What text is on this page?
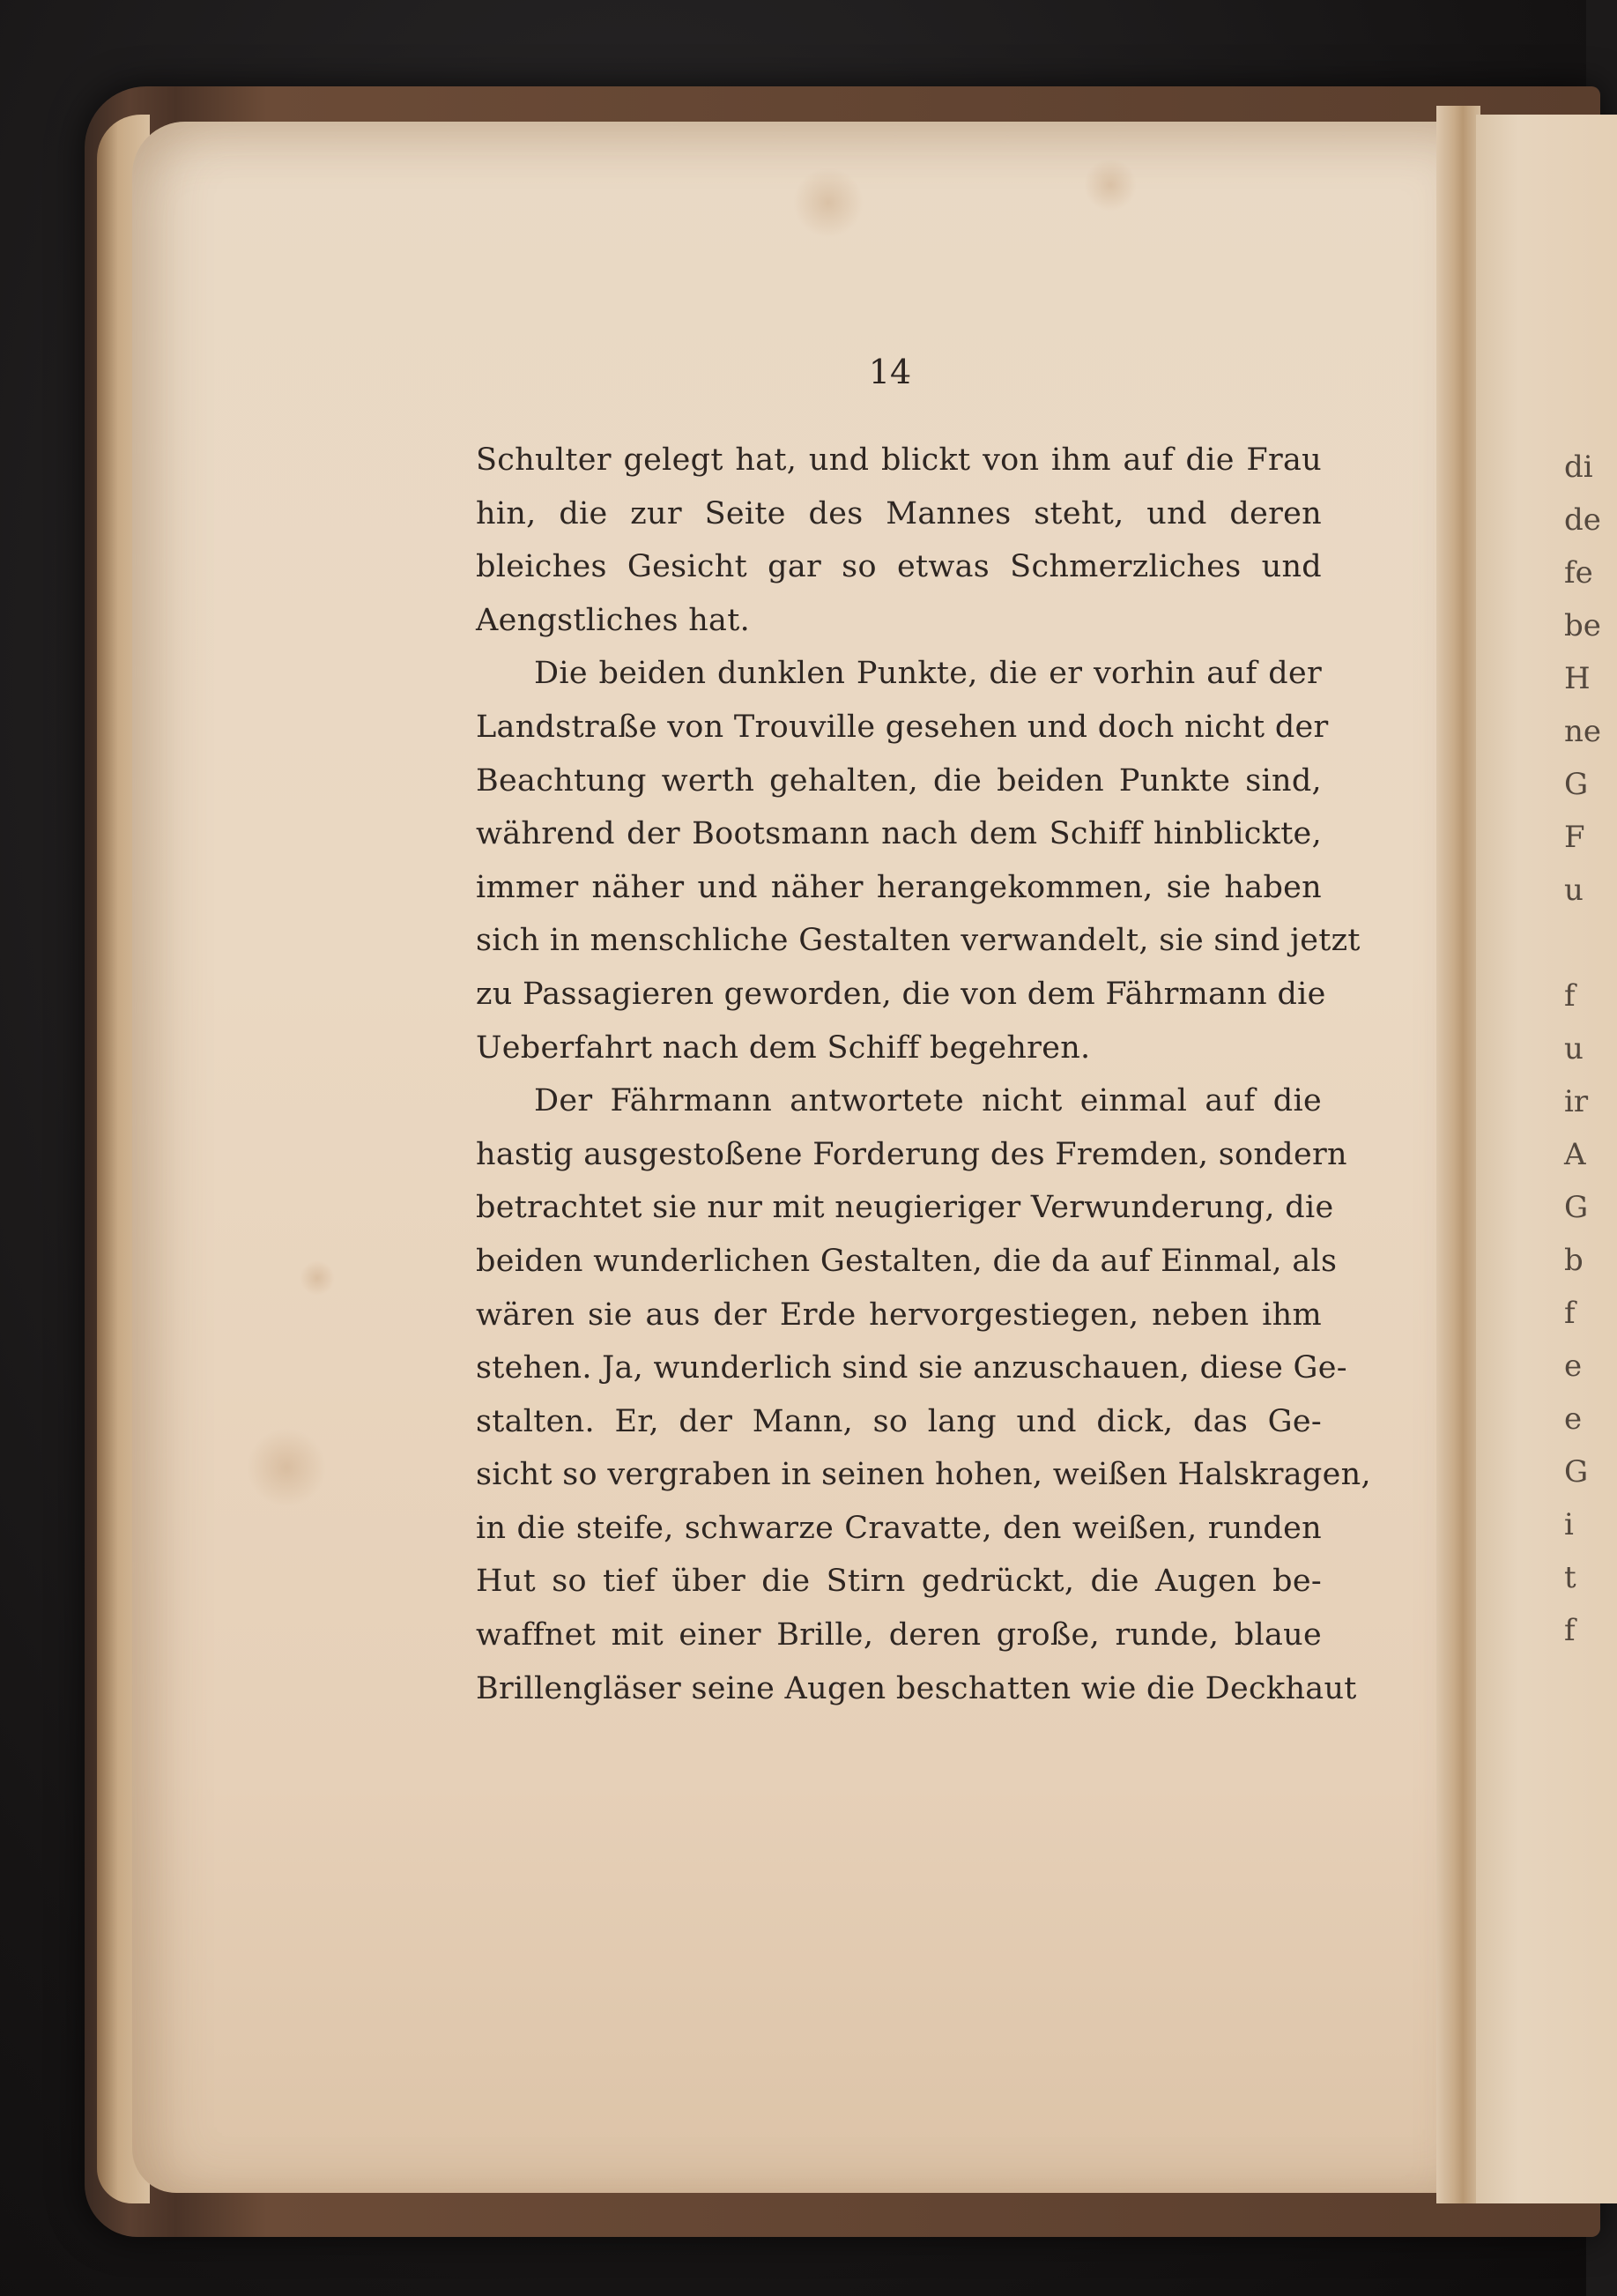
14
Schulter gelegt hat, und blickt von ihm auf die Frau
hin, die zur Seite des Mannes steht, und deren
bleiches Gesicht gar so etwas Schmerzliches und
Aengstliches hat.
Die beiden dunklen Punkte, die er vorhin auf der
Landstraße von Trouville gesehen und doch nicht der
Beachtung werth gehalten, die beiden Punkte sind,
während der Bootsmann nach dem Schiff hinblickte,
immer näher und näher herangekommen, sie haben
sich in menschliche Gestalten verwandelt, sie sind jetzt
zu Passagieren geworden, die von dem Fährmann die
Ueberfahrt nach dem Schiff begehren.
Der Fährmann antwortete nicht einmal auf die
hastig ausgestoßene Forderung des Fremden, sondern
betrachtet sie nur mit neugieriger Verwunderung, die
beiden wunderlichen Gestalten, die da auf Einmal, als
wären sie aus der Erde hervorgestiegen, neben ihm
stehen. Ja, wunderlich sind sie anzuschauen, diese Ge-
stalten. Er, der Mann, so lang und dick, das Ge-
sicht so vergraben in seinen hohen, weißen Halskragen,
in die steife, schwarze Cravatte, den weißen, runden
Hut so tief über die Stirn gedrückt, die Augen be-
waffnet mit einer Brille, deren große, runde, blaue
Brillengläser seine Augen beschatten wie die Deckhaut
di
de
fe
be
H
ne
G
F
u
f
u
ir
A
G
b
f
e
e
G
i
t
f
